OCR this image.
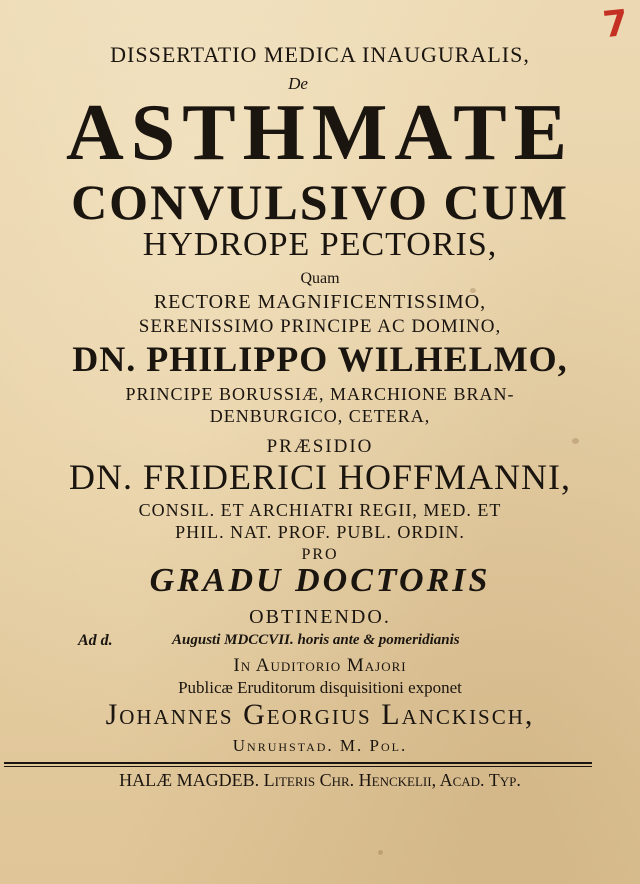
7
DISSERTATIO MEDICA INAUGURALIS,
De
ASTHMATE
CONVULSIVO CUM
HYDROPE PECTORIS,
Quam
RECTORE MAGNIFICENTISSIMO,
SERENISSIMO PRINCIPE AC DOMINO,
DN. PHILIPPO WILHELMO,
PRINCIPE BORUSSIÆ, MARCHIONE BRAN-
DENBURGICO, CETERA,
PRÆSIDIO
DN. FRIDERICI HOFFMANNI,
CONSIL. ET ARCHIATRI REGII, MED. ET
PHIL. NAT. PROF. PUBL. ORDIN.
PRO
GRADU DOCTORIS
OBTINENDO.
Ad d.	Augusti MDCCVII. horis ante & pomeridianis
In Auditorio Majori
Publicæ Eruditorum disquisitioni exponet
Johannes Georgius Lanckisch,
Unruhstad. M. Pol.
HALÆ MAGDEB. Literis Chr. Henckelii, Acad. Typ.
